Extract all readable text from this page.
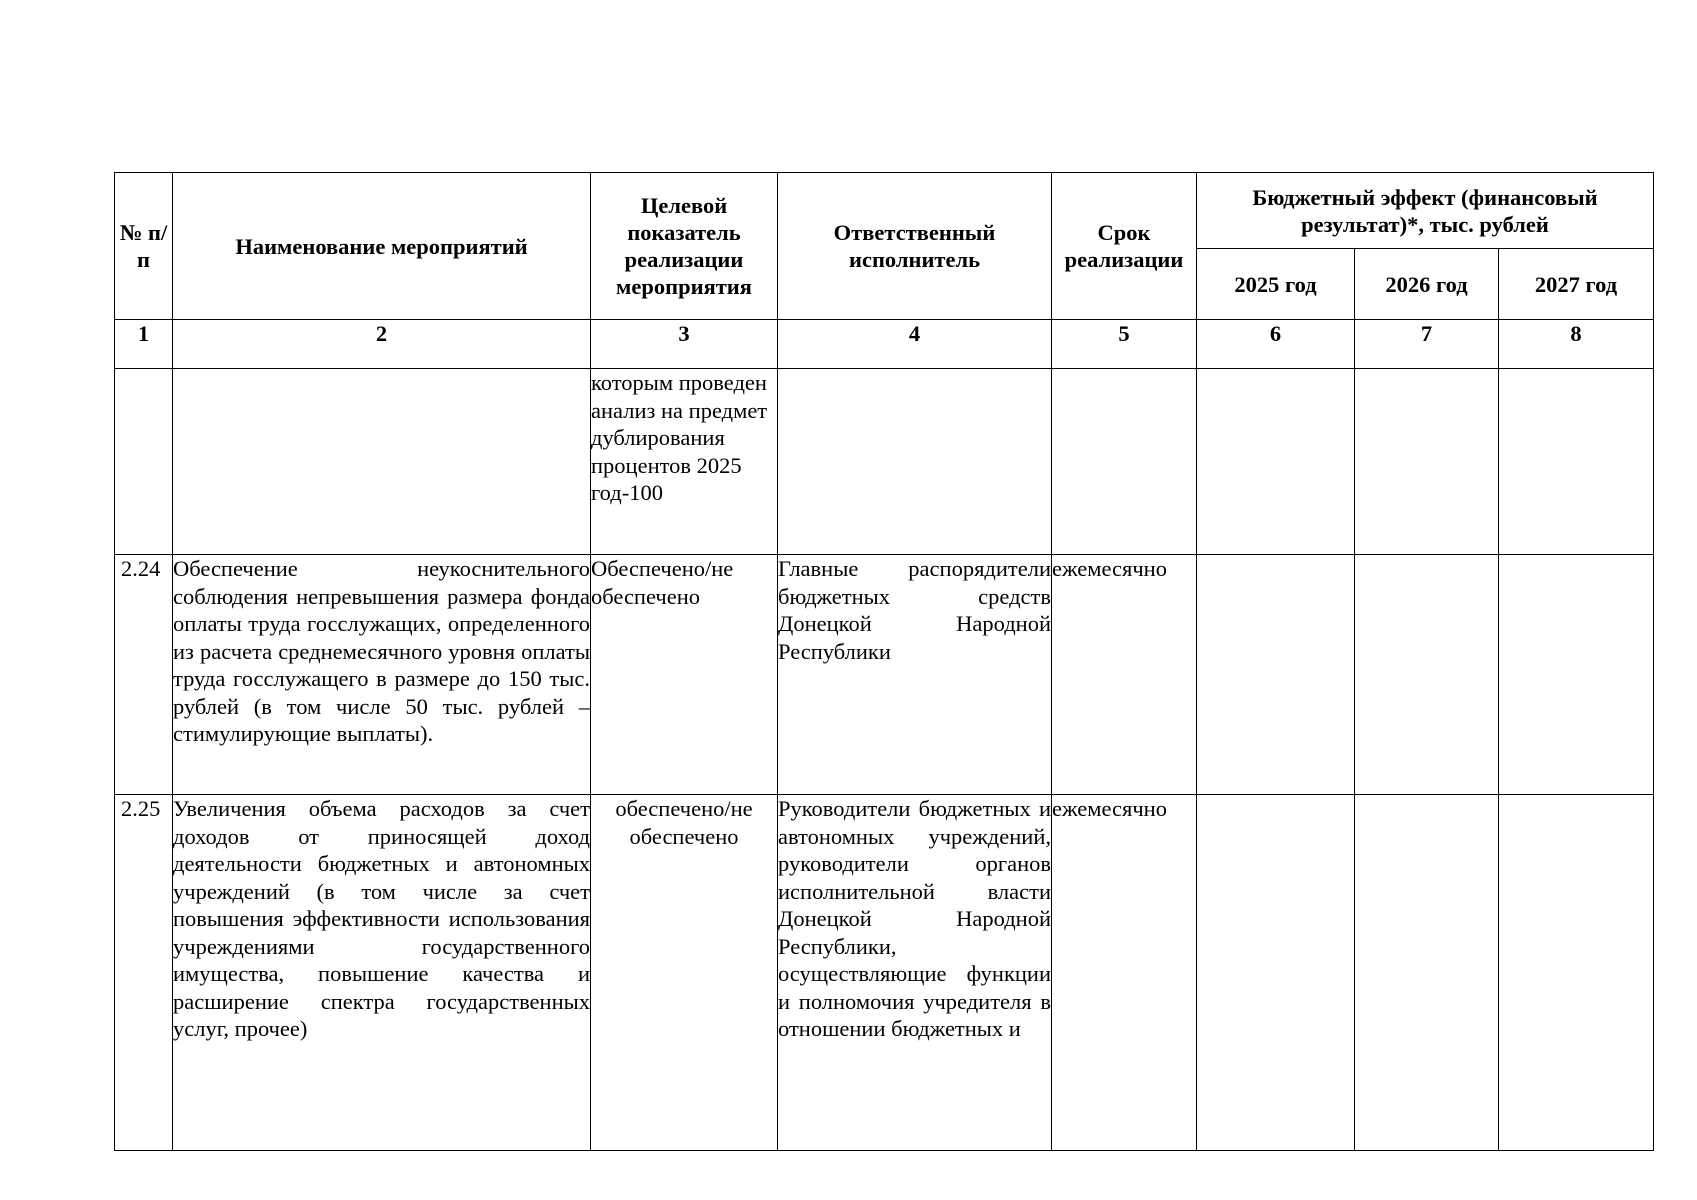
№ п/п	Наименование мероприятий	Целевой показатель реализации мероприятия	Ответственный исполнитель	Срок реализации	Бюджетный эффект (финансовый результат)*, тыс. рублей		
					2025 год	2026 год	2027 год
1	2	3	4	5	6	7	8
		которым проведен анализ на предмет дублирования процентов 2025 год-100					
2.24	Обеспечение неукоснительного соблюдения непревышения размера фонда оплаты труда госслужащих, определенного из расчета среднемесячного уровня оплаты труда госслужащего в размере до 150 тыс. рублей (в том числе 50 тыс. рублей – стимулирующие выплаты).	Обеспечено/не обеспечено	Главные распорядители бюджетных средств Донецкой Народной Республики	ежемесячно			
2.25	Увеличения объема расходов за счет доходов от приносящей доход деятельности бюджетных и автономных учреждений (в том числе за счет повышения эффективности использования учреждениями государственного имущества, повышение качества и расширение спектра государственных услуг, прочее)	обеспечено/не обеспечено	Руководители бюджетных и автономных учреждений, руководители органов исполнительной власти Донецкой Народной Республики, осуществляющие функции и полномочия учредителя в отношении бюджетных и	ежемесячно			
